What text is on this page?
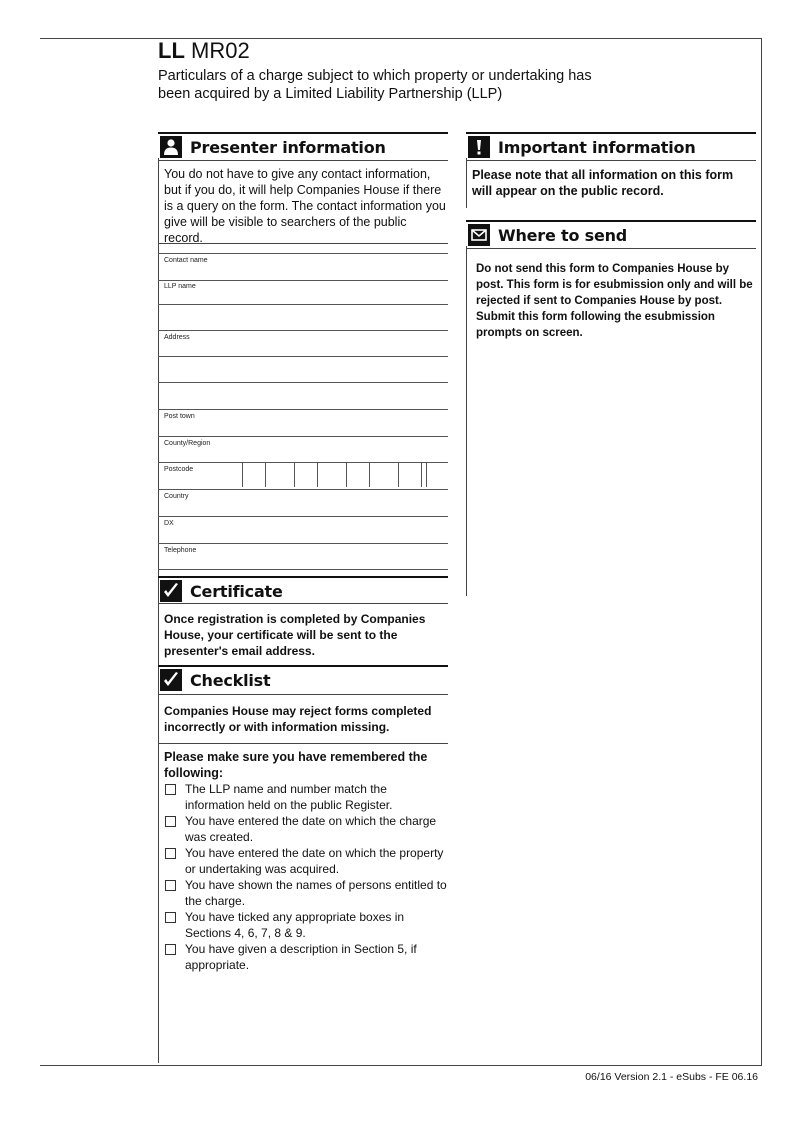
LL MR02
Particulars of a charge subject to which property or undertaking has been acquired by a Limited Liability Partnership (LLP)
Presenter information
You do not have to give any contact information, but if you do, it will help Companies House if there is a query on the form. The contact information you give will be visible to searchers of the public record.
Contact name
LLP name
Address
Post town
County/Region
Postcode
Country
DX
Telephone
Certificate
Once registration is completed by Companies House, your certificate will be sent to the presenter's email address.
Checklist
Companies House may reject forms completed incorrectly or with information missing.
Please make sure you have remembered the following:
The LLP name and number match the information held on the public Register.
You have entered the date on which the charge was created.
You have entered the date on which the property or undertaking was acquired.
You have shown the names of persons entitled to the charge.
You have ticked any appropriate boxes in Sections 4, 6, 7, 8 & 9.
You have given a description in Section 5, if appropriate.
Important information
Please note that all information on this form will appear on the public record.
Where to send
Do not send this form to Companies House by post. This form is for esubmission only and will be rejected if sent to Companies House by post. Submit this form following the esubmission prompts on screen.
06/16 Version 2.1 - eSubs - FE 06.16
